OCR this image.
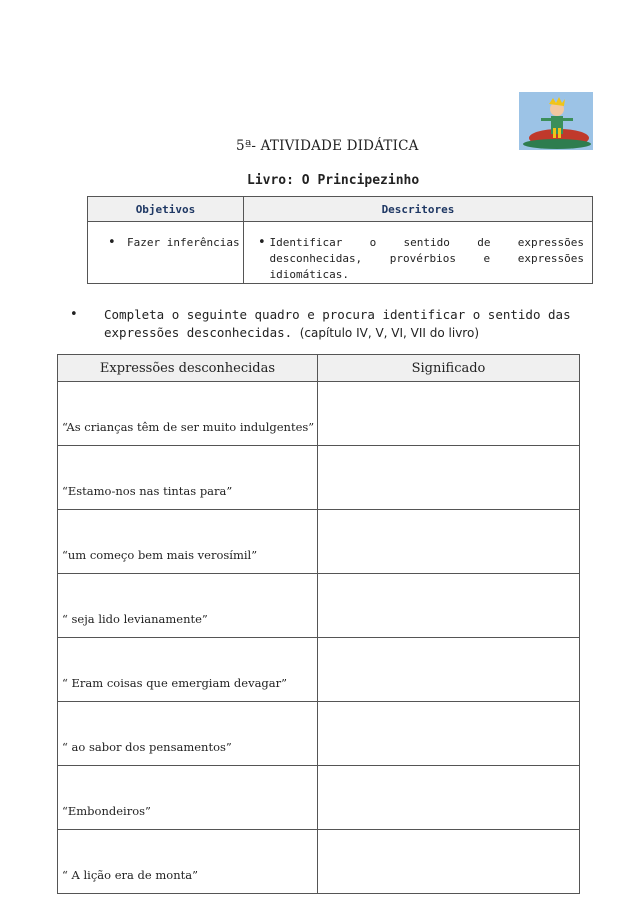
5ª- ATIVIDADE DIDÁTICA
Livro: O Principezinho
Objetivos	Descritores

• Fazer inferências	• Identificar o sentido de expressões desconhecidas, provérbios e expressões idiomáticas.
• Completa o seguinte quadro e procura identificar o sentido das expressões desconhecidas. (capítulo IV, V, VI, VII do livro)
Expressões desconhecidas	Significado
“As crianças têm de ser muito indulgentes”	
“Estamo-nos nas tintas para”	
“um começo bem mais verosímil”	
“ seja lido levianamente”	
“ Eram coisas que emergiam devagar”	
“ ao sabor dos pensamentos”	
“Embondeiros”	
“ A lição era de monta”	
